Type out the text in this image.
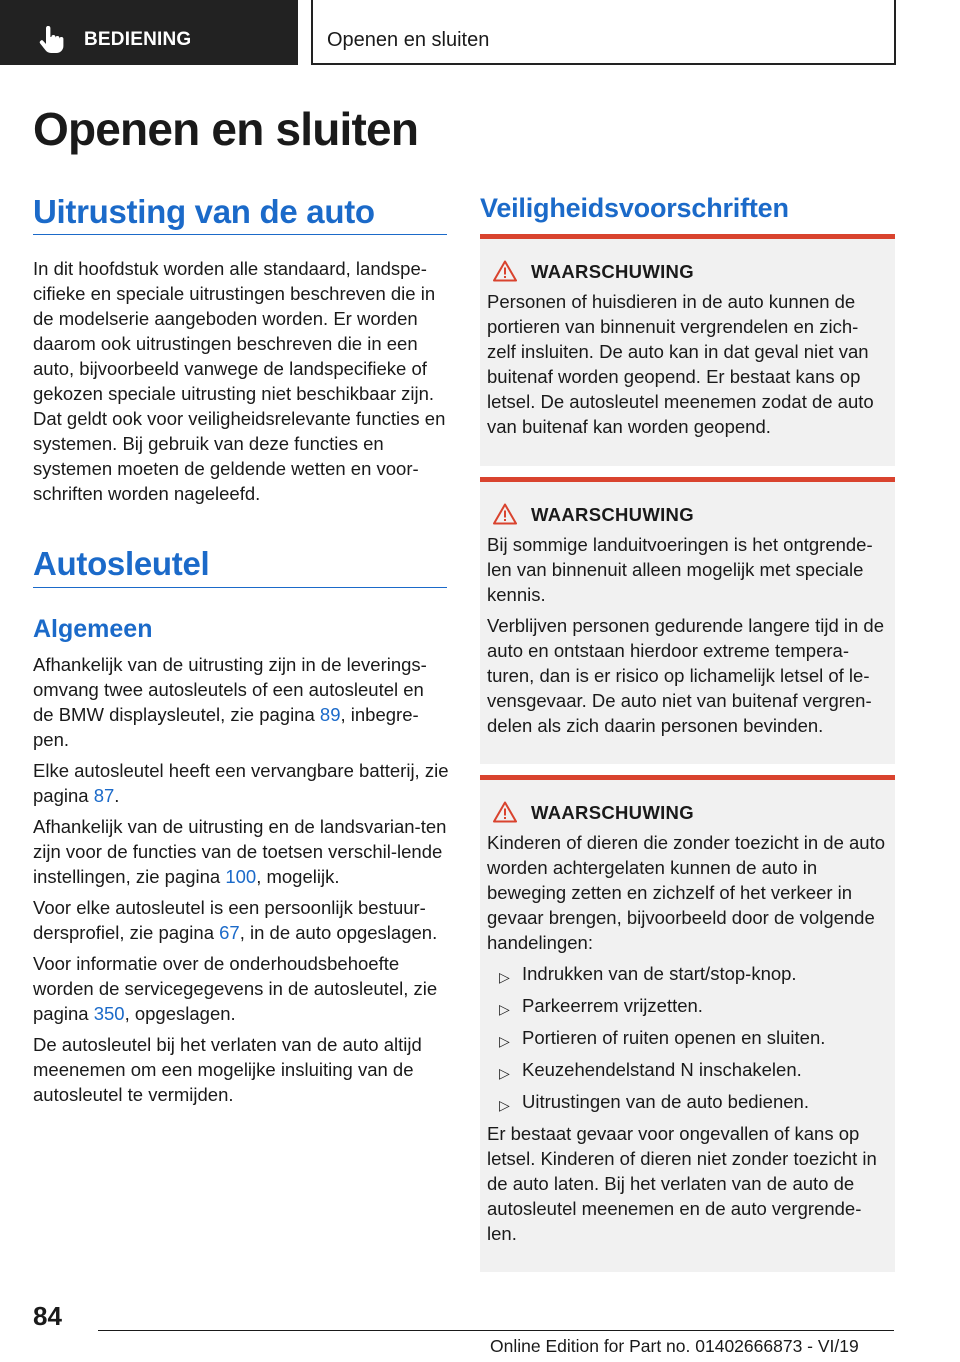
BEDIENING	Openen en sluiten
Openen en sluiten
Uitrusting van de auto

In dit hoofdstuk worden alle standaard, landspe-cifieke en speciale uitrustingen beschreven die in de modelserie aangeboden worden. Er worden daarom ook uitrustingen beschreven die in een auto, bijvoorbeeld vanwege de landspecifieke of gekozen speciale uitrusting niet beschikbaar zijn. Dat geldt ook voor veiligheidsrelevante functies en systemen. Bij gebruik van deze functies en systemen moeten de geldende wetten en voor-schriften worden nageleefd.

Autosleutel
Algemeen

Afhankelijk van de uitrusting zijn in de leverings-omvang twee autosleutels of een autosleutel en de BMW displaysleutel, zie pagina 89, inbegre-pen.

Elke autosleutel heeft een vervangbare batterij, zie pagina 87.

Afhankelijk van de uitrusting en de landsvarian-ten zijn voor de functies van de toetsen verschil-lende instellingen, zie pagina 100, mogelijk.

Voor elke autosleutel is een persoonlijk bestuur-dersprofiel, zie pagina 67, in de auto opgeslagen.

Voor informatie over de onderhoudsbehoefte worden de servicegegevens in de autosleutel, zie pagina 350, opgeslagen.

De autosleutel bij het verlaten van de auto altijd meenemen om een mogelijke insluiting van de autosleutel te vermijden.

Veiligheidsvoorschriften
WAARSCHUWING

Personen of huisdieren in de auto kunnen de portieren van binnenuit vergrendelen en zich-zelf insluiten. De auto kan in dat geval niet van buitenaf worden geopend. Er bestaat kans op letsel. De autosleutel meenemen zodat de auto van buitenaf kan worden geopend.

WAARSCHUWING

Bij sommige landuitvoeringen is het ontgrende-len van binnenuit alleen mogelijk met speciale kennis.

Verblijven personen gedurende langere tijd in de auto en ontstaan hierdoor extreme tempera-turen, dan is er risico op lichamelijk letsel of le-vensgevaar. De auto niet van buitenaf vergren-delen als zich daarin personen bevinden.

WAARSCHUWING

Kinderen of dieren die zonder toezicht in de auto worden achtergelaten kunnen de auto in beweging zetten en zichzelf of het verkeer in gevaar brengen, bijvoorbeeld door de volgende handelingen:

▷ Indrukken van de start/stop-knop.
▷ Parkeerrem vrijzetten.
▷ Portieren of ruiten openen en sluiten.
▷ Keuzehendelstand N inschakelen.
▷ Uitrustingen van de auto bedienen.

Er bestaat gevaar voor ongevallen of kans op letsel. Kinderen of dieren niet zonder toezicht in de auto laten. Bij het verlaten van de auto de autosleutel meenemen en de auto vergrende-len.

84
Online Edition for Part no. 01402666873 - VI/19
